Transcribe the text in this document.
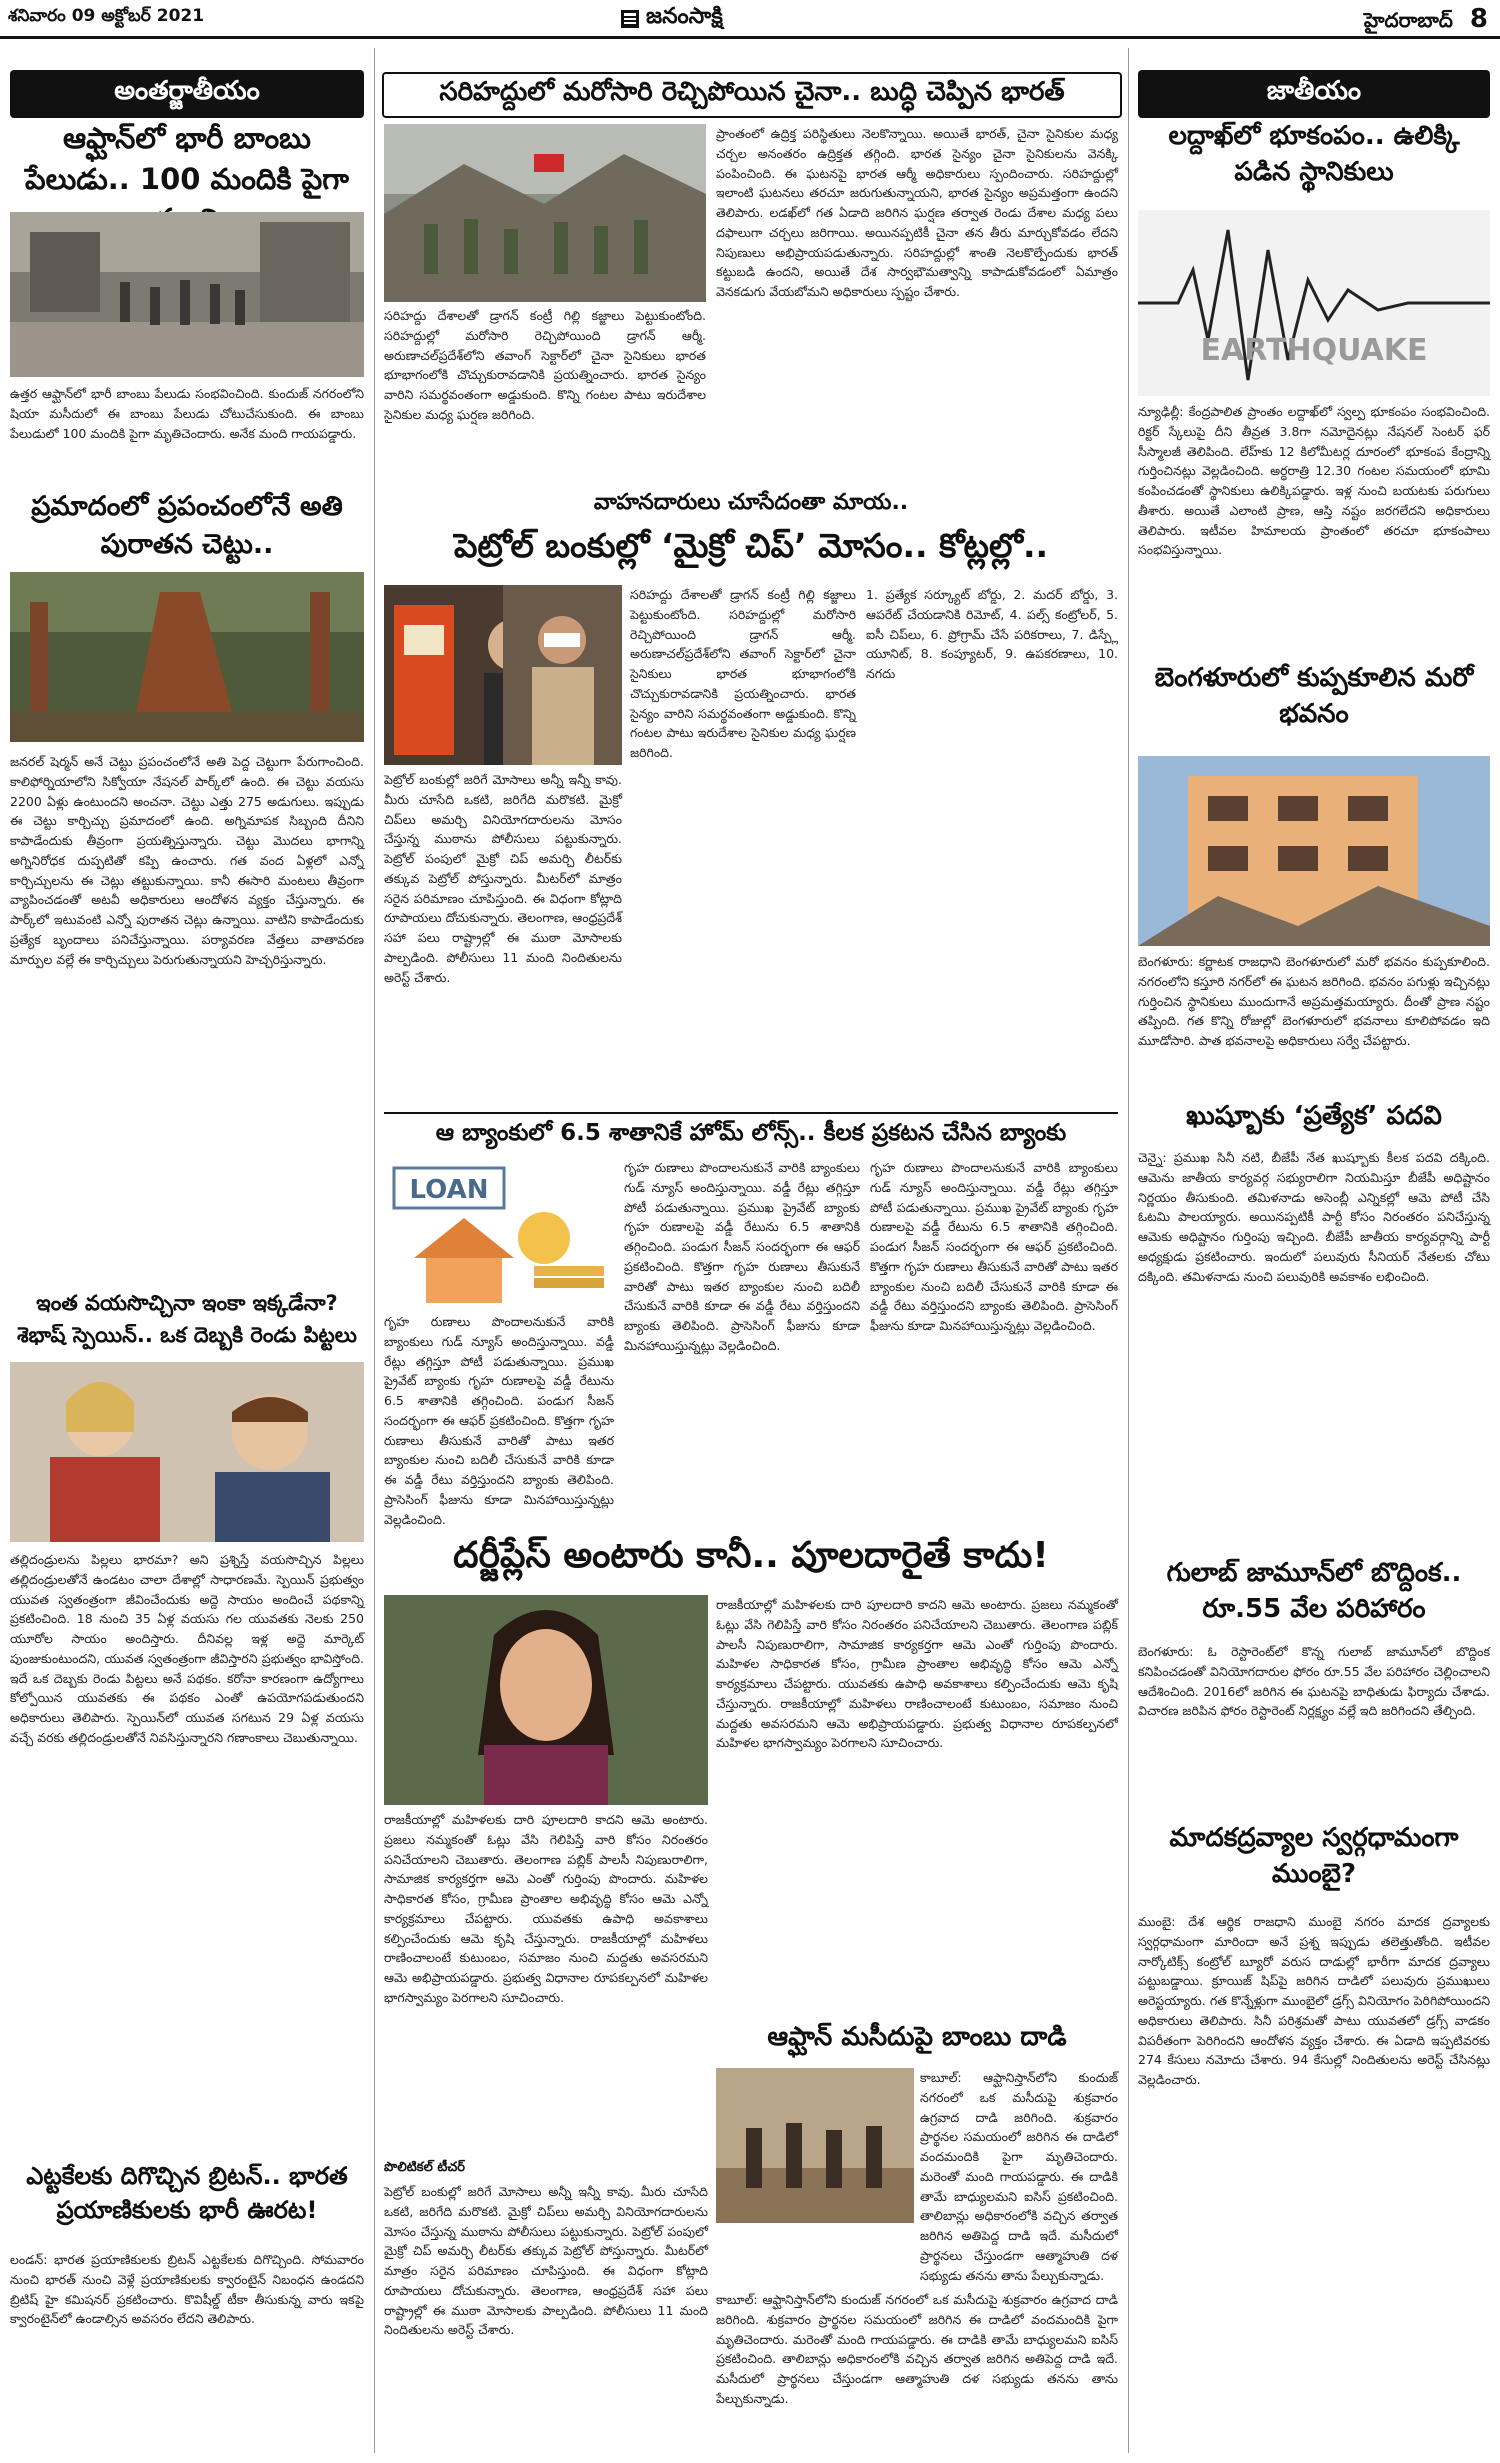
శనివారం 09 అక్టోబర్ 2021	జనంసాక్షి	హైదరాబాద్ 8
అంతర్జాతీయం
ఆఫ్ఘాన్‌లో భారీ బాంబు పేలుడు.. 100 మందికి పైగా
ఉత్తర ఆఫ్ఘాన్‌లో భారీ బాంబు పేలుడు సంభవించింది. కుందుజ్ నగరంలోని షియా మసీదులో ఈ బాంబు పేలుడు చోటుచేసుకుంది. ఈ బాంబు పేలుడులో 100 మందికి పైగా మృతిచెందారు. అనేక మంది గాయపడ్డారు.
ప్రమాదంలో ప్రపంచంలోనే అతి పురాతన చెట్టు..
జనరల్ షెర్మన్ అనే చెట్టు ప్రపంచంలోనే అతి పెద్ద చెట్టుగా పేరుగాంచింది. కాలిఫోర్నియాలోని సిక్వోయా నేషనల్ పార్క్‌లో ఉంది. ఈ చెట్టు వయసు 2200 ఏళ్లు ఉంటుందని అంచనా. చెట్టు ఎత్తు 275 అడుగులు. ఇప్పుడు ఈ చెట్టు కార్చిచ్చు ప్రమాదంలో ఉంది. అగ్నిమాపక సిబ్బంది దీనిని కాపాడేందుకు తీవ్రంగా ప్రయత్నిస్తున్నారు. చెట్టు మొదలు భాగాన్ని అగ్నినిరోధక దుప్పటితో కప్పి ఉంచారు. గత వంద ఏళ్లలో ఎన్నో కార్చిచ్చులను ఈ చెట్లు తట్టుకున్నాయి. కానీ ఈసారి మంటలు తీవ్రంగా వ్యాపించడంతో అటవీ అధికారులు ఆందోళన వ్యక్తం చేస్తున్నారు. ఈ పార్క్‌లో ఇటువంటి ఎన్నో పురాతన చెట్లు ఉన్నాయి. వాటిని కాపాడేందుకు ప్రత్యేక బృందాలు పనిచేస్తున్నాయి. పర్యావరణ వేత్తలు వాతావరణ మార్పుల వల్లే ఈ కార్చిచ్చులు పెరుగుతున్నాయని హెచ్చరిస్తున్నారు.
ఇంత వయసొచ్చినా ఇంకా ఇక్కడేనా? శెభాష్ స్పెయిన్.. ఒక దెబ్బకి రెండు పిట్టలు
తల్లిదండ్రులను పిల్లలు భారమా? అని ప్రశ్నిస్తే వయసొచ్చిన పిల్లలు తల్లిదండ్రులతోనే ఉండటం చాలా దేశాల్లో సాధారణమే. స్పెయిన్ ప్రభుత్వం యువత స్వతంత్రంగా జీవించేందుకు అద్దె సాయం అందించే పథకాన్ని ప్రకటించింది. 18 నుంచి 35 ఏళ్ల వయసు గల యువతకు నెలకు 250 యూరోల సాయం అందిస్తారు. దీనివల్ల ఇళ్ల అద్దె మార్కెట్ పుంజుకుంటుందని, యువత స్వతంత్రంగా జీవిస్తారని ప్రభుత్వం భావిస్తోంది. ఇదే ఒక దెబ్బకు రెండు పిట్టలు అనే పథకం. కరోనా కారణంగా ఉద్యోగాలు కోల్పోయిన యువతకు ఈ పథకం ఎంతో ఉపయోగపడుతుందని అధికారులు తెలిపారు. స్పెయిన్‌లో యువత సగటున 29 ఏళ్ల వయసు వచ్చే వరకు తల్లిదండ్రులతోనే నివసిస్తున్నారని గణాంకాలు చెబుతున్నాయి.
ఎట్టకేలకు దిగొచ్చిన బ్రిటన్.. భారత ప్రయాణికులకు భారీ ఊరట!
లండన్: భారత ప్రయాణికులకు బ్రిటన్ ఎట్టకేలకు దిగొచ్చింది. సోమవారం నుంచి భారత్ నుంచి వెళ్లే ప్రయాణికులకు క్వారంటైన్ నిబంధన ఉండదని బ్రిటిష్ హై కమిషనర్ ప్రకటించారు. కొవిషీల్డ్ టీకా తీసుకున్న వారు ఇకపై క్వారంటైన్‌లో ఉండాల్సిన అవసరం లేదని తెలిపారు.
సరిహద్దులో మరోసారి రెచ్చిపోయిన చైనా.. బుద్ధి చెప్పిన భారత్
సరిహద్దు దేశాలతో డ్రాగన్ కంట్రీ గిల్లి కజ్జాలు పెట్టుకుంటోంది. సరిహద్దుల్లో మరోసారి రెచ్చిపోయింది డ్రాగన్ ఆర్మీ. అరుణాచల్‌ప్రదేశ్‌లోని తవాంగ్ సెక్టార్‌లో చైనా సైనికులు భారత భూభాగంలోకి చొచ్చుకురావడానికి ప్రయత్నించారు. భారత సైన్యం వారిని సమర్థవంతంగా అడ్డుకుంది. కొన్ని గంటల పాటు ఇరుదేశాల సైనికుల మధ్య ఘర్షణ జరిగింది.
ప్రాంతంలో ఉద్రిక్త పరిస్థితులు నెలకొన్నాయి. అయితే భారత్, చైనా సైనికుల మధ్య చర్చల అనంతరం ఉద్రిక్తత తగ్గింది. భారత సైన్యం చైనా సైనికులను వెనక్కి పంపించింది. ఈ ఘటనపై భారత ఆర్మీ అధికారులు స్పందించారు. సరిహద్దుల్లో ఇలాంటి ఘటనలు తరచూ జరుగుతున్నాయని, భారత సైన్యం అప్రమత్తంగా ఉందని తెలిపారు. లడఖ్‌లో గత ఏడాది జరిగిన ఘర్షణ తర్వాత రెండు దేశాల మధ్య పలు దఫాలుగా చర్చలు జరిగాయి. అయినప్పటికీ చైనా తన తీరు మార్చుకోవడం లేదని నిపుణులు అభిప్రాయపడుతున్నారు. సరిహద్దుల్లో శాంతి నెలకొల్పేందుకు భారత్ కట్టుబడి ఉందని, అయితే దేశ సార్వభౌమత్వాన్ని కాపాడుకోవడంలో ఏమాత్రం వెనకడుగు వేయబోమని అధికారులు స్పష్టం చేశారు.
వాహనదారులు చూసేదంతా మాయ..
పెట్రోల్ బంకుల్లో ‘మైక్రో చిప్’ మోసం.. కోట్లల్లో..
పెట్రోల్ బంకుల్లో జరిగే మోసాలు అన్నీ ఇన్నీ కావు. మీరు చూసేది ఒకటి, జరిగేది మరొకటి. మైక్రో చిప్‌లు అమర్చి వినియోగదారులను మోసం చేస్తున్న ముఠాను పోలీసులు పట్టుకున్నారు. పెట్రోల్ పంపులో మైక్రో చిప్ అమర్చి లీటర్‌కు తక్కువ పెట్రోల్ పోస్తున్నారు. మీటర్‌లో మాత్రం సరైన పరిమాణం చూపిస్తుంది. ఈ విధంగా కోట్లాది రూపాయలు దోచుకున్నారు. తెలంగాణ, ఆంధ్రప్రదేశ్ సహా పలు రాష్ట్రాల్లో ఈ ముఠా మోసాలకు పాల్పడింది. పోలీసులు 11 మంది నిందితులను అరెస్ట్ చేశారు.
సరిహద్దు దేశాలతో డ్రాగన్ కంట్రీ గిల్లి కజ్జాలు పెట్టుకుంటోంది. సరిహద్దుల్లో మరోసారి రెచ్చిపోయింది డ్రాగన్ ఆర్మీ. అరుణాచల్‌ప్రదేశ్‌లోని తవాంగ్ సెక్టార్‌లో చైనా సైనికులు భారత భూభాగంలోకి చొచ్చుకురావడానికి ప్రయత్నించారు. భారత సైన్యం వారిని సమర్థవంతంగా అడ్డుకుంది. కొన్ని గంటల పాటు ఇరుదేశాల సైనికుల మధ్య ఘర్షణ జరిగింది.
1. ప్రత్యేక సర్క్యూట్ బోర్డు, 2. మదర్ బోర్డు, 3. ఆపరేట్ చేయడానికి రిమోట్, 4. పల్స్ కంట్రోలర్, 5. ఐసీ చిప్‌లు, 6. ప్రోగ్రామ్ చేసే పరికరాలు, 7. డిస్ప్లే యూనిట్, 8. కంప్యూటర్, 9. ఉపకరణాలు, 10. నగదు
ఆ బ్యాంకులో 6.5 శాతానికే హోమ్ లోన్స్.. కీలక ప్రకటన చేసిన బ్యాంకు
LOAN
గృహ రుణాలు పొందాలనుకునే వారికి బ్యాంకులు గుడ్ న్యూస్ అందిస్తున్నాయి. వడ్డీ రేట్లు తగ్గిస్తూ పోటీ పడుతున్నాయి. ప్రముఖ ప్రైవేట్ బ్యాంకు గృహ రుణాలపై వడ్డీ రేటును 6.5 శాతానికి తగ్గించింది. పండుగ సీజన్ సందర్భంగా ఈ ఆఫర్ ప్రకటించింది. కొత్తగా గృహ రుణాలు తీసుకునే వారితో పాటు ఇతర బ్యాంకుల నుంచి బదిలీ చేసుకునే వారికి కూడా ఈ వడ్డీ రేటు వర్తిస్తుందని బ్యాంకు తెలిపింది. ప్రాసెసింగ్ ఫీజును కూడా మినహాయిస్తున్నట్లు వెల్లడించింది.
గృహ రుణాలు పొందాలనుకునే వారికి బ్యాంకులు గుడ్ న్యూస్ అందిస్తున్నాయి. వడ్డీ రేట్లు తగ్గిస్తూ పోటీ పడుతున్నాయి. ప్రముఖ ప్రైవేట్ బ్యాంకు గృహ రుణాలపై వడ్డీ రేటును 6.5 శాతానికి తగ్గించింది. పండుగ సీజన్ సందర్భంగా ఈ ఆఫర్ ప్రకటించింది. కొత్తగా గృహ రుణాలు తీసుకునే వారితో పాటు ఇతర బ్యాంకుల నుంచి బదిలీ చేసుకునే వారికి కూడా ఈ వడ్డీ రేటు వర్తిస్తుందని బ్యాంకు తెలిపింది. ప్రాసెసింగ్ ఫీజును కూడా మినహాయిస్తున్నట్లు వెల్లడించింది.
గృహ రుణాలు పొందాలనుకునే వారికి బ్యాంకులు గుడ్ న్యూస్ అందిస్తున్నాయి. వడ్డీ రేట్లు తగ్గిస్తూ పోటీ పడుతున్నాయి. ప్రముఖ ప్రైవేట్ బ్యాంకు గృహ రుణాలపై వడ్డీ రేటును 6.5 శాతానికి తగ్గించింది. పండుగ సీజన్ సందర్భంగా ఈ ఆఫర్ ప్రకటించింది. కొత్తగా గృహ రుణాలు తీసుకునే వారితో పాటు ఇతర బ్యాంకుల నుంచి బదిలీ చేసుకునే వారికి కూడా ఈ వడ్డీ రేటు వర్తిస్తుందని బ్యాంకు తెలిపింది. ప్రాసెసింగ్ ఫీజును కూడా మినహాయిస్తున్నట్లు వెల్లడించింది.
దర్జీప్లేస్ అంటారు కానీ.. పూలదారైతే కాదు!
రాజకీయాల్లో మహిళలకు దారి పూలదారి కాదని ఆమె అంటారు. ప్రజలు నమ్మకంతో ఓట్లు వేసి గెలిపిస్తే వారి కోసం నిరంతరం పనిచేయాలని చెబుతారు. తెలంగాణ పబ్లిక్ పాలసీ నిపుణురాలిగా, సామాజిక కార్యకర్తగా ఆమె ఎంతో గుర్తింపు పొందారు. మహిళల సాధికారత కోసం, గ్రామీణ ప్రాంతాల అభివృద్ధి కోసం ఆమె ఎన్నో కార్యక్రమాలు చేపట్టారు. యువతకు ఉపాధి అవకాశాలు కల్పించేందుకు ఆమె కృషి చేస్తున్నారు. రాజకీయాల్లో మహిళలు రాణించాలంటే కుటుంబం, సమాజం నుంచి మద్దతు అవసరమని ఆమె అభిప్రాయపడ్డారు. ప్రభుత్వ విధానాల రూపకల్పనలో మహిళల భాగస్వామ్యం పెరగాలని సూచించారు.
పొలిటికల్ టీచర్
పెట్రోల్ బంకుల్లో జరిగే మోసాలు అన్నీ ఇన్నీ కావు. మీరు చూసేది ఒకటి, జరిగేది మరొకటి. మైక్రో చిప్‌లు అమర్చి వినియోగదారులను మోసం చేస్తున్న ముఠాను పోలీసులు పట్టుకున్నారు. పెట్రోల్ పంపులో మైక్రో చిప్ అమర్చి లీటర్‌కు తక్కువ పెట్రోల్ పోస్తున్నారు. మీటర్‌లో మాత్రం సరైన పరిమాణం చూపిస్తుంది. ఈ విధంగా కోట్లాది రూపాయలు దోచుకున్నారు. తెలంగాణ, ఆంధ్రప్రదేశ్ సహా పలు రాష్ట్రాల్లో ఈ ముఠా మోసాలకు పాల్పడింది. పోలీసులు 11 మంది నిందితులను అరెస్ట్ చేశారు.
రాజకీయాల్లో మహిళలకు దారి పూలదారి కాదని ఆమె అంటారు. ప్రజలు నమ్మకంతో ఓట్లు వేసి గెలిపిస్తే వారి కోసం నిరంతరం పనిచేయాలని చెబుతారు. తెలంగాణ పబ్లిక్ పాలసీ నిపుణురాలిగా, సామాజిక కార్యకర్తగా ఆమె ఎంతో గుర్తింపు పొందారు. మహిళల సాధికారత కోసం, గ్రామీణ ప్రాంతాల అభివృద్ధి కోసం ఆమె ఎన్నో కార్యక్రమాలు చేపట్టారు. యువతకు ఉపాధి అవకాశాలు కల్పించేందుకు ఆమె కృషి చేస్తున్నారు. రాజకీయాల్లో మహిళలు రాణించాలంటే కుటుంబం, సమాజం నుంచి మద్దతు అవసరమని ఆమె అభిప్రాయపడ్డారు. ప్రభుత్వ విధానాల రూపకల్పనలో మహిళల భాగస్వామ్యం పెరగాలని సూచించారు.
ఆఫ్ఘాన్ మసీదుపై బాంబు దాడి
కాబూల్: ఆఫ్ఘానిస్తాన్‌లోని కుందుజ్ నగరంలో ఒక మసీదుపై శుక్రవారం ఉగ్రవాద దాడి జరిగింది. శుక్రవారం ప్రార్థనల సమయంలో జరిగిన ఈ దాడిలో వందమందికి పైగా మృతిచెందారు. మరెంతో మంది గాయపడ్డారు. ఈ దాడికి తామే బాధ్యులమని ఐసిస్ ప్రకటించింది. తాలిబాన్లు అధికారంలోకి వచ్చిన తర్వాత జరిగిన అతిపెద్ద దాడి ఇదే. మసీదులో ప్రార్థనలు చేస్తుండగా ఆత్మాహుతి దళ సభ్యుడు తనను తాను పేల్చుకున్నాడు.
కాబూల్: ఆఫ్ఘానిస్తాన్‌లోని కుందుజ్ నగరంలో ఒక మసీదుపై శుక్రవారం ఉగ్రవాద దాడి జరిగింది. శుక్రవారం ప్రార్థనల సమయంలో జరిగిన ఈ దాడిలో వందమందికి పైగా మృతిచెందారు. మరెంతో మంది గాయపడ్డారు. ఈ దాడికి తామే బాధ్యులమని ఐసిస్ ప్రకటించింది. తాలిబాన్లు అధికారంలోకి వచ్చిన తర్వాత జరిగిన అతిపెద్ద దాడి ఇదే. మసీదులో ప్రార్థనలు చేస్తుండగా ఆత్మాహుతి దళ సభ్యుడు తనను తాను పేల్చుకున్నాడు.
జాతీయం
లద్దాఖ్‌లో భూకంపం.. ఉలిక్కి పడిన స్థానికులు
EARTHQUAKE
న్యూఢిల్లీ: కేంద్రపాలిత ప్రాంతం లద్దాఖ్‌లో స్వల్ప భూకంపం సంభవించింది. రిక్టర్ స్కేలుపై దీని తీవ్రత 3.8గా నమోదైనట్లు నేషనల్ సెంటర్ ఫర్ సీస్మాలజీ తెలిపింది. లేహ్‌కు 12 కిలోమీటర్ల దూరంలో భూకంప కేంద్రాన్ని గుర్తించినట్లు వెల్లడించింది. అర్ధరాత్రి 12.30 గంటల సమయంలో భూమి కంపించడంతో స్థానికులు ఉలిక్కిపడ్డారు. ఇళ్ల నుంచి బయటకు పరుగులు తీశారు. అయితే ఎలాంటి ప్రాణ, ఆస్తి నష్టం జరగలేదని అధికారులు తెలిపారు. ఇటీవల హిమాలయ ప్రాంతంలో తరచూ భూకంపాలు సంభవిస్తున్నాయి.
బెంగళూరులో కుప్పకూలిన మరో భవనం
బెంగళూరు: కర్ణాటక రాజధాని బెంగళూరులో మరో భవనం కుప్పకూలింది. నగరంలోని కస్తూరి నగర్‌లో ఈ ఘటన జరిగింది. భవనం పగుళ్లు ఇచ్చినట్లు గుర్తించిన స్థానికులు ముందుగానే అప్రమత్తమయ్యారు. దీంతో ప్రాణ నష్టం తప్పింది. గత కొన్ని రోజుల్లో బెంగళూరులో భవనాలు కూలిపోవడం ఇది మూడోసారి. పాత భవనాలపై అధికారులు సర్వే చేపట్టారు.
ఖుష్బూకు ‘ప్రత్యేక’ పదవి
చెన్నై: ప్రముఖ సినీ నటి, బీజేపీ నేత ఖుష్బూకు కీలక పదవి దక్కింది. ఆమెను జాతీయ కార్యవర్గ సభ్యురాలిగా నియమిస్తూ బీజేపీ అధిష్టానం నిర్ణయం తీసుకుంది. తమిళనాడు అసెంబ్లీ ఎన్నికల్లో ఆమె పోటీ చేసి ఓటమి పాలయ్యారు. అయినప్పటికీ పార్టీ కోసం నిరంతరం పనిచేస్తున్న ఆమెకు అధిష్టానం గుర్తింపు ఇచ్చింది. బీజేపీ జాతీయ కార్యవర్గాన్ని పార్టీ అధ్యక్షుడు ప్రకటించారు. ఇందులో పలువురు సీనియర్ నేతలకు చోటు దక్కింది. తమిళనాడు నుంచి పలువురికి అవకాశం లభించింది.
గులాబ్ జామూన్‌లో బొద్దింక.. రూ.55 వేల పరిహారం
బెంగళూరు: ఓ రెస్టారెంట్‌లో కొన్న గులాబ్ జామూన్‌లో బొద్దింక కనిపించడంతో వినియోగదారుల ఫోరం రూ.55 వేల పరిహారం చెల్లించాలని ఆదేశించింది. 2016లో జరిగిన ఈ ఘటనపై బాధితుడు ఫిర్యాదు చేశాడు. విచారణ జరిపిన ఫోరం రెస్టారెంట్ నిర్లక్ష్యం వల్లే ఇది జరిగిందని తేల్చింది.
మాదకద్రవ్యాల స్వర్గధామంగా ముంబై?
ముంబై: దేశ ఆర్థిక రాజధాని ముంబై నగరం మాదక ద్రవ్యాలకు స్వర్గధామంగా మారిందా అనే ప్రశ్న ఇప్పుడు తలెత్తుతోంది. ఇటీవల నార్కోటిక్స్ కంట్రోల్ బ్యూరో వరుస దాడుల్లో భారీగా మాదక ద్రవ్యాలు పట్టుబడ్డాయి. క్రూయిజ్ షిప్‌పై జరిగిన దాడిలో పలువురు ప్రముఖులు అరెస్టయ్యారు. గత కొన్నేళ్లుగా ముంబైలో డ్రగ్స్ వినియోగం పెరిగిపోయిందని అధికారులు తెలిపారు. సినీ పరిశ్రమతో పాటు యువతలో డ్రగ్స్ వాడకం విపరీతంగా పెరిగిందని ఆందోళన వ్యక్తం చేశారు. ఈ ఏడాది ఇప్పటివరకు 274 కేసులు నమోదు చేశారు. 94 కేసుల్లో నిందితులను అరెస్ట్ చేసినట్లు వెల్లడించారు.
